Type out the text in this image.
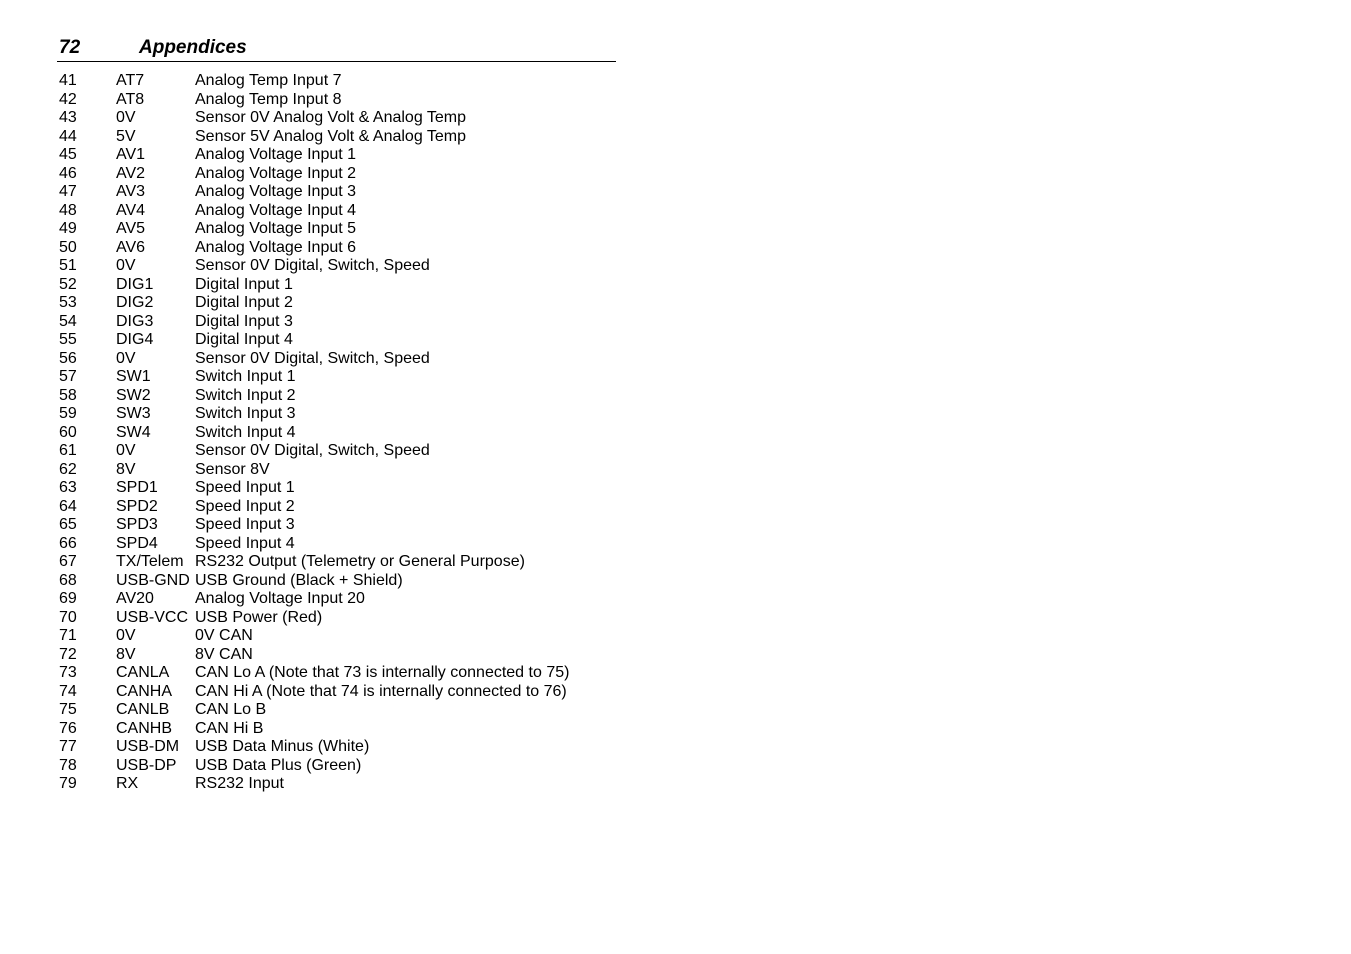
72	Appendices
41 AT7	Analog Temp Input 7
42 AT8	Analog Temp Input 8
43 0V	Sensor 0V Analog Volt & Analog Temp
44 5V	Sensor 5V Analog Volt & Analog Temp
45 AV1	Analog Voltage Input 1
46 AV2	Analog Voltage Input 2
47 AV3	Analog Voltage Input 3
48 AV4	Analog Voltage Input 4
49 AV5	Analog Voltage Input 5
50 AV6	Analog Voltage Input 6
51 0V	Sensor 0V Digital, Switch, Speed
52 DIG1	Digital Input 1
53 DIG2	Digital Input 2
54 DIG3	Digital Input 3
55 DIG4	Digital Input 4
56 0V	Sensor 0V Digital, Switch, Speed
57 SW1	Switch Input 1
58 SW2	Switch Input 2
59 SW3	Switch Input 3
60 SW4	Switch Input 4
61 0V	Sensor 0V Digital, Switch, Speed
62 8V	Sensor 8V
63 SPD1 Speed Input 1
64 SPD2 Speed Input 2
65 SPD3 Speed Input 3
66 SPD4 Speed Input 4
67 TX/Telem RS232 Output (Telemetry or General Purpose)
68 USB-GND USB Ground (Black + Shield)
69 AV20	Analog Voltage Input 20
70 USB-VCC USB Power (Red)
71 0V	0V CAN
72 8V	8V CAN
73 CANLA CAN Lo A (Note that 73 is internally connected to 75)
74 CANHA CAN Hi A (Note that 74 is internally connected to 76)
75 CANLB CAN Lo B
76 CANHB CAN Hi B
77 USB-DM USB Data Minus (White)
78 USB-DP USB Data Plus (Green)
79 RX	RS232 Input
